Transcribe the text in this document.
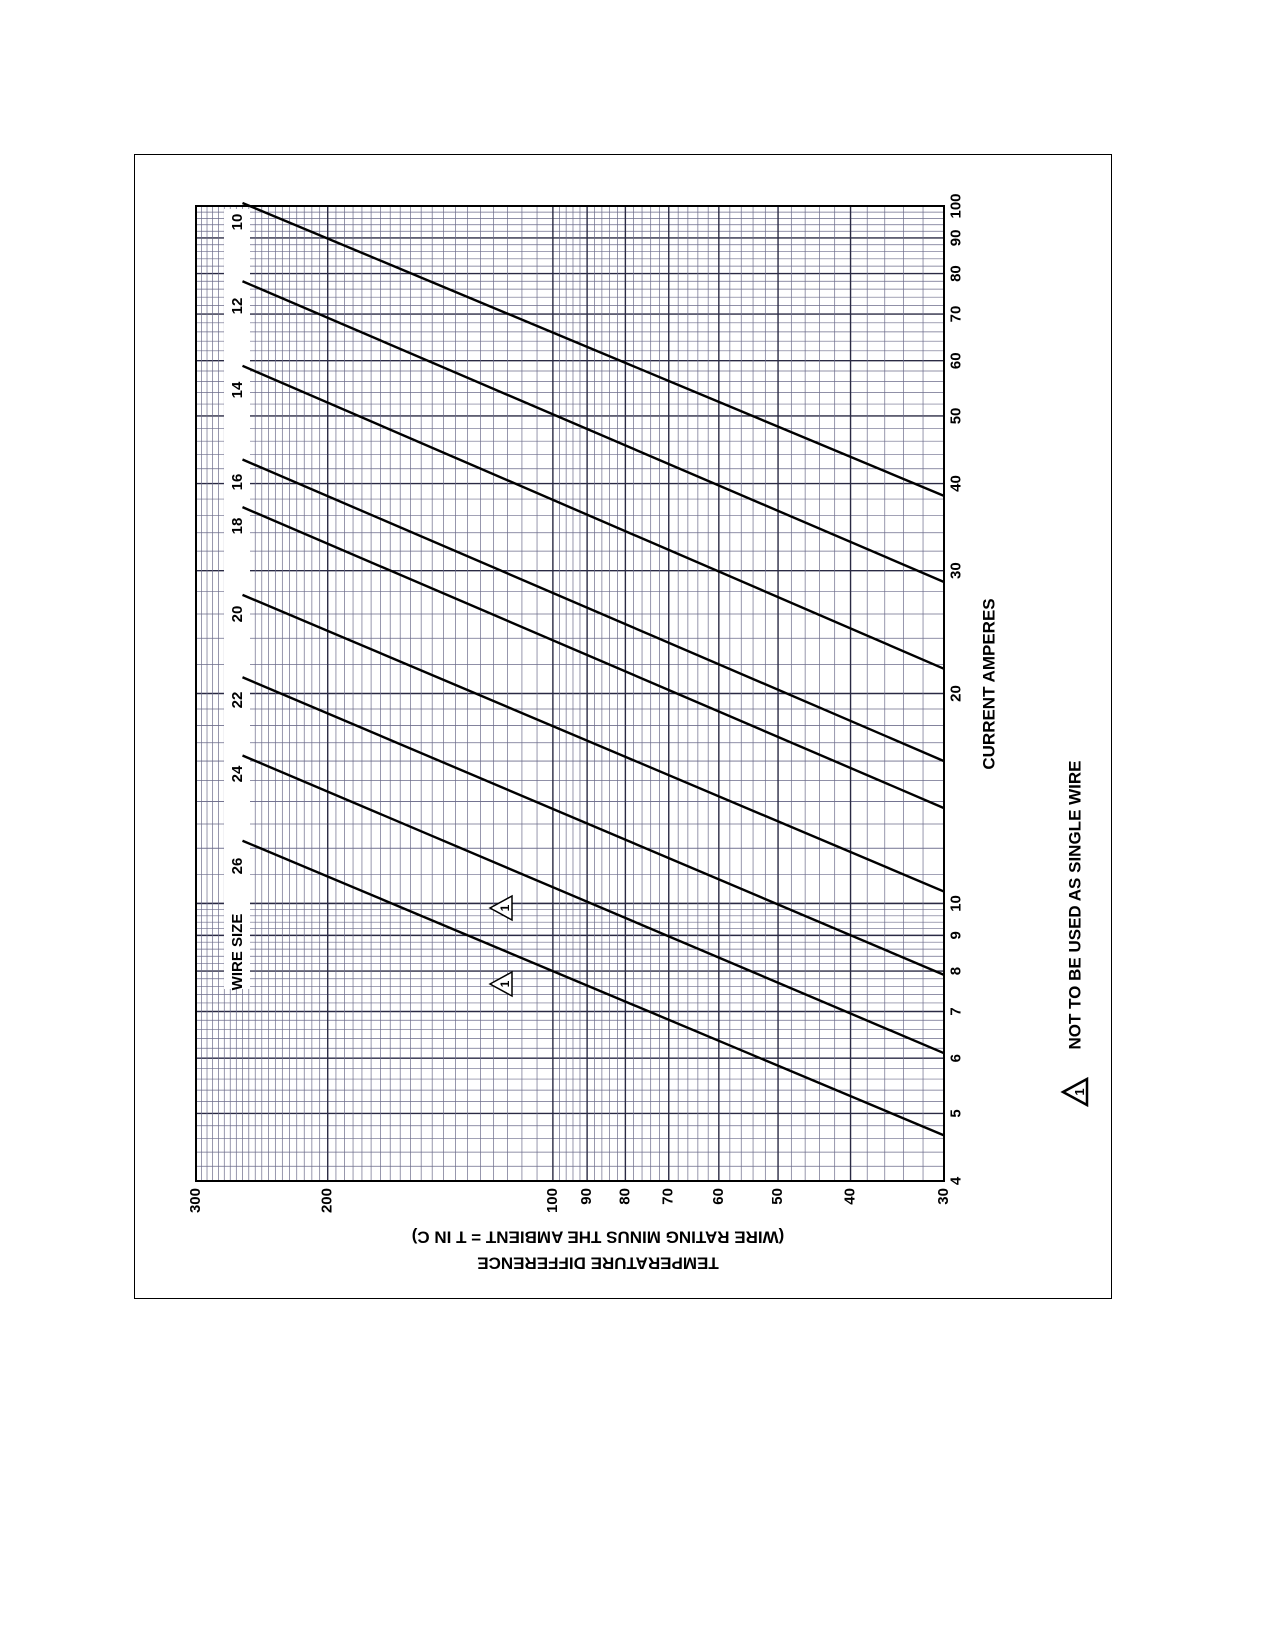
10
12
14
16
18
20
22
24
26
WIRE SIZE
1
1
4
5
6
7
8
9
10
20
30
40
50
60
70
80
90
100
300	200	100 90 80 70 60	50	40	30
CURRENT AMPERES
TEMPERATURE DIFFERENCE
(WIRE RATING MINUS THE AMBIENT = T IN C)
NOT TO BE USED AS SINGLE WIRE
1
